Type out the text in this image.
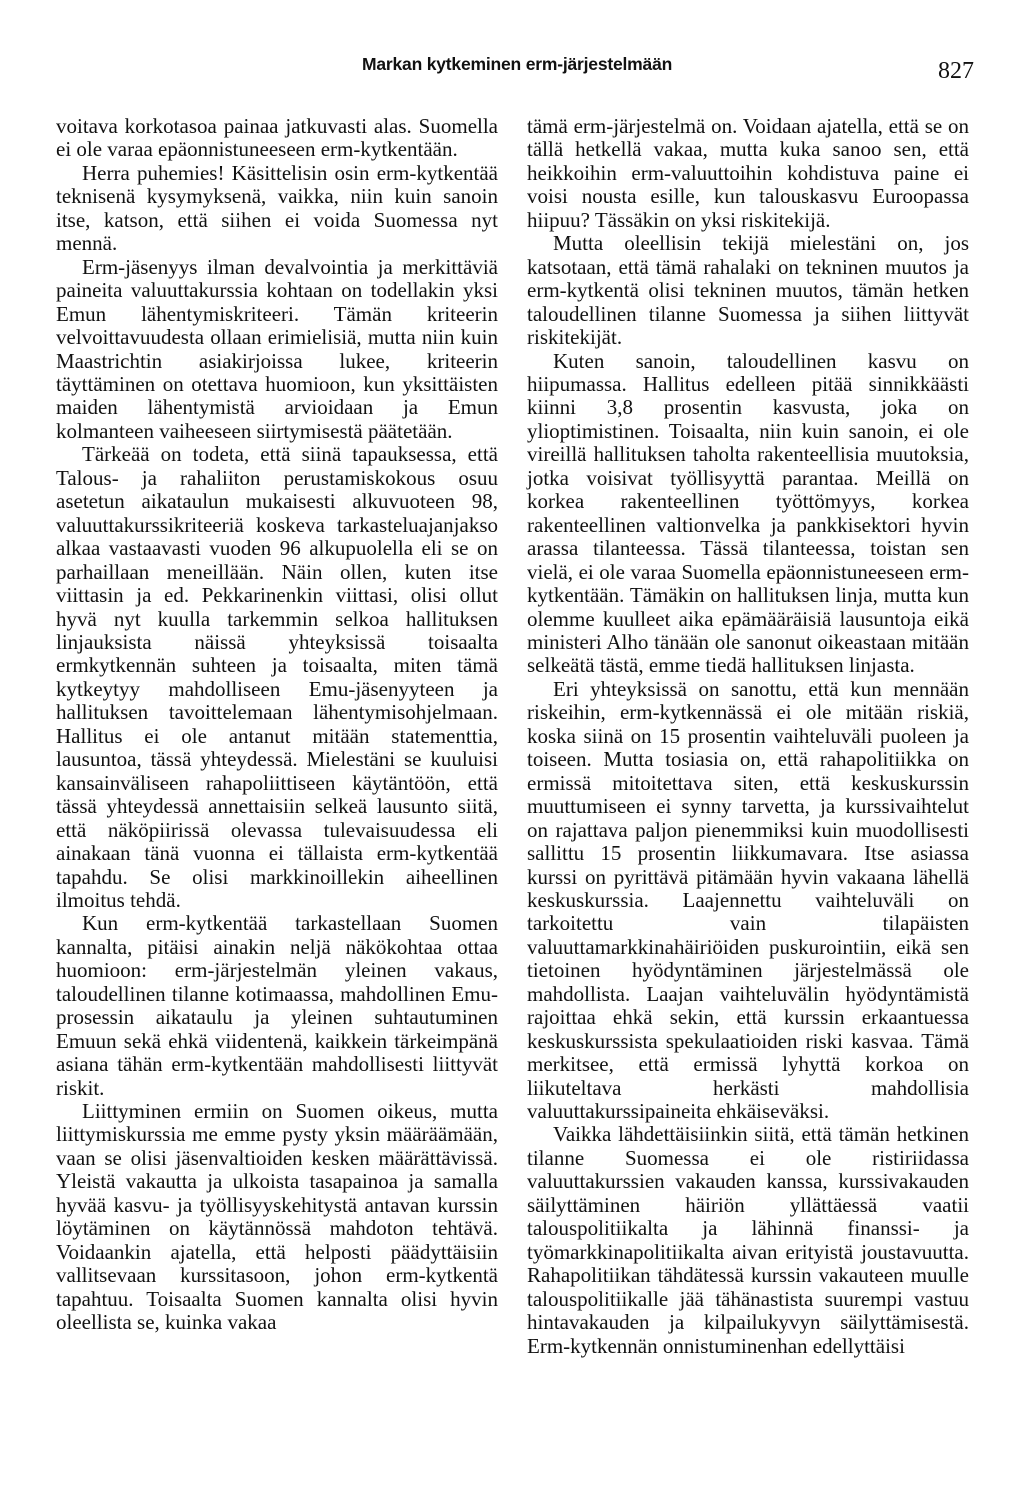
Markan kytkeminen erm-järjestelmään	827

voitava korkotasoa painaa jatkuvasti alas. Suomella ei ole varaa epäonnistuneeseen erm-kytkentään.

Herra puhemies! Käsittelisin osin erm-kytkentää teknisenä kysymyksenä, vaikka, niin kuin sanoin itse, katson, että siihen ei voida Suomessa nyt mennä.

Erm-jäsenyys ilman devalvointia ja merkittäviä paineita valuuttakurssia kohtaan on todellakin yksi Emun lähentymiskriteeri. Tämän kriteerin velvoittavuudesta ollaan erimielisiä, mutta niin kuin Maastrichtin asiakirjoissa lukee, kriteerin täyttäminen on otettava huomioon, kun yksittäisten maiden lähentymistä arvioidaan ja Emun kolmanteen vaiheeseen siirtymisestä päätetään.

Tärkeää on todeta, että siinä tapauksessa, että Talous- ja rahaliiton perustamiskokous osuu asetetun aikataulun mukaisesti alkuvuoteen 98, valuuttakurssikriteeriä koskeva tarkasteluajanjakso alkaa vastaavasti vuoden 96 alkupuolella eli se on parhaillaan meneillään. Näin ollen, kuten itse viittasin ja ed. Pekkarinenkin viittasi, olisi ollut hyvä nyt kuulla tarkemmin selkoa hallituksen linjauksista näissä yhteyksissä toisaalta ermkytkennän suhteen ja toisaalta, miten tämä kytkeytyy mahdolliseen Emu-jäsenyyteen ja hallituksen tavoittelemaan lähentymisohjelmaan. Hallitus ei ole antanut mitään statementtia, lausuntoa, tässä yhteydessä. Mielestäni se kuuluisi kansainväliseen rahapoliittiseen käytäntöön, että tässä yhteydessä annettaisiin selkeä lausunto siitä, että näköpiirissä olevassa tulevaisuudessa eli ainakaan tänä vuonna ei tällaista erm-kytkentää tapahdu. Se olisi markkinoillekin aiheellinen ilmoitus tehdä.

Kun erm-kytkentää tarkastellaan Suomen kannalta, pitäisi ainakin neljä näkökohtaa ottaa huomioon: erm-järjestelmän yleinen vakaus, taloudellinen tilanne kotimaassa, mahdollinen Emu-prosessin aikataulu ja yleinen suhtautuminen Emuun sekä ehkä viidentenä, kaikkein tärkeimpänä asiana tähän erm-kytkentään mahdollisesti liittyvät riskit.

Liittyminen ermiin on Suomen oikeus, mutta liittymiskurssia me emme pysty yksin määräämään, vaan se olisi jäsenvaltioiden kesken määrättävissä. Yleistä vakautta ja ulkoista tasapainoa ja samalla hyvää kasvu- ja työllisyyskehitystä antavan kurssin löytäminen on käytännössä mahdoton tehtävä. Voidaankin ajatella, että helposti päädyttäisiin vallitsevaan kurssitasoon, johon erm-kytkentä tapahtuu. Toisaalta Suomen kannalta olisi hyvin oleellista se, kuinka vakaa

tämä erm-järjestelmä on. Voidaan ajatella, että se on tällä hetkellä vakaa, mutta kuka sanoo sen, että heikkoihin erm-valuuttoihin kohdistuva paine ei voisi nousta esille, kun talouskasvu Euroopassa hiipuu? Tässäkin on yksi riskitekijä.

Mutta oleellisin tekijä mielestäni on, jos katsotaan, että tämä rahalaki on tekninen muutos ja erm-kytkentä olisi tekninen muutos, tämän hetken taloudellinen tilanne Suomessa ja siihen liittyvät riskitekijät.

Kuten sanoin, taloudellinen kasvu on hiipumassa. Hallitus edelleen pitää sinnikkäästi kiinni 3,8 prosentin kasvusta, joka on ylioptimistinen. Toisaalta, niin kuin sanoin, ei ole vireillä hallituksen taholta rakenteellisia muutoksia, jotka voisivat työllisyyttä parantaa. Meillä on korkea rakenteellinen työttömyys, korkea rakenteellinen valtionvelka ja pankkisektori hyvin arassa tilanteessa. Tässä tilanteessa, toistan sen vielä, ei ole varaa Suomella epäonnistuneeseen erm-kytkentään. Tämäkin on hallituksen linja, mutta kun olemme kuulleet aika epämääräisiä lausuntoja eikä ministeri Alho tänään ole sanonut oikeastaan mitään selkeätä tästä, emme tiedä hallituksen linjasta.

Eri yhteyksissä on sanottu, että kun mennään riskeihin, erm-kytkennässä ei ole mitään riskiä, koska siinä on 15 prosentin vaihteluväli puoleen ja toiseen. Mutta tosiasia on, että rahapolitiikka on ermissä mitoitettava siten, että keskuskurssin muuttumiseen ei synny tarvetta, ja kurssivaihtelut on rajattava paljon pienemmiksi kuin muodollisesti sallittu 15 prosentin liikkumavara. Itse asiassa kurssi on pyrittävä pitämään hyvin vakaana lähellä keskuskurssia. Laajennettu vaihteluväli on tarkoitettu vain tilapäisten valuuttamarkkinahäiriöiden puskurointiin, eikä sen tietoinen hyödyntäminen järjestelmässä ole mahdollista. Laajan vaihteluvälin hyödyntämistä rajoittaa ehkä sekin, että kurssin erkaantuessa keskuskurssista spekulaatioiden riski kasvaa. Tämä merkitsee, että ermissä lyhyttä korkoa on liikuteltava herkästi mahdollisia valuuttakurssipaineita ehkäiseväksi.

Vaikka lähdettäisiinkin siitä, että tämän hetkinen tilanne Suomessa ei ole ristiriidassa valuuttakurssien vakauden kanssa, kurssivakauden säilyttäminen häiriön yllättäessä vaatii talouspolitiikalta ja lähinnä finanssi- ja työmarkkinapolitiikalta aivan erityistä joustavuutta. Rahapolitiikan tähdätessä kurssin vakauteen muulle talouspolitiikalle jää tähänastista suurempi vastuu hintavakauden ja kilpailukyvyn säilyttämisestä. Erm-kytkennän onnistuminenhan edellyttäisi
